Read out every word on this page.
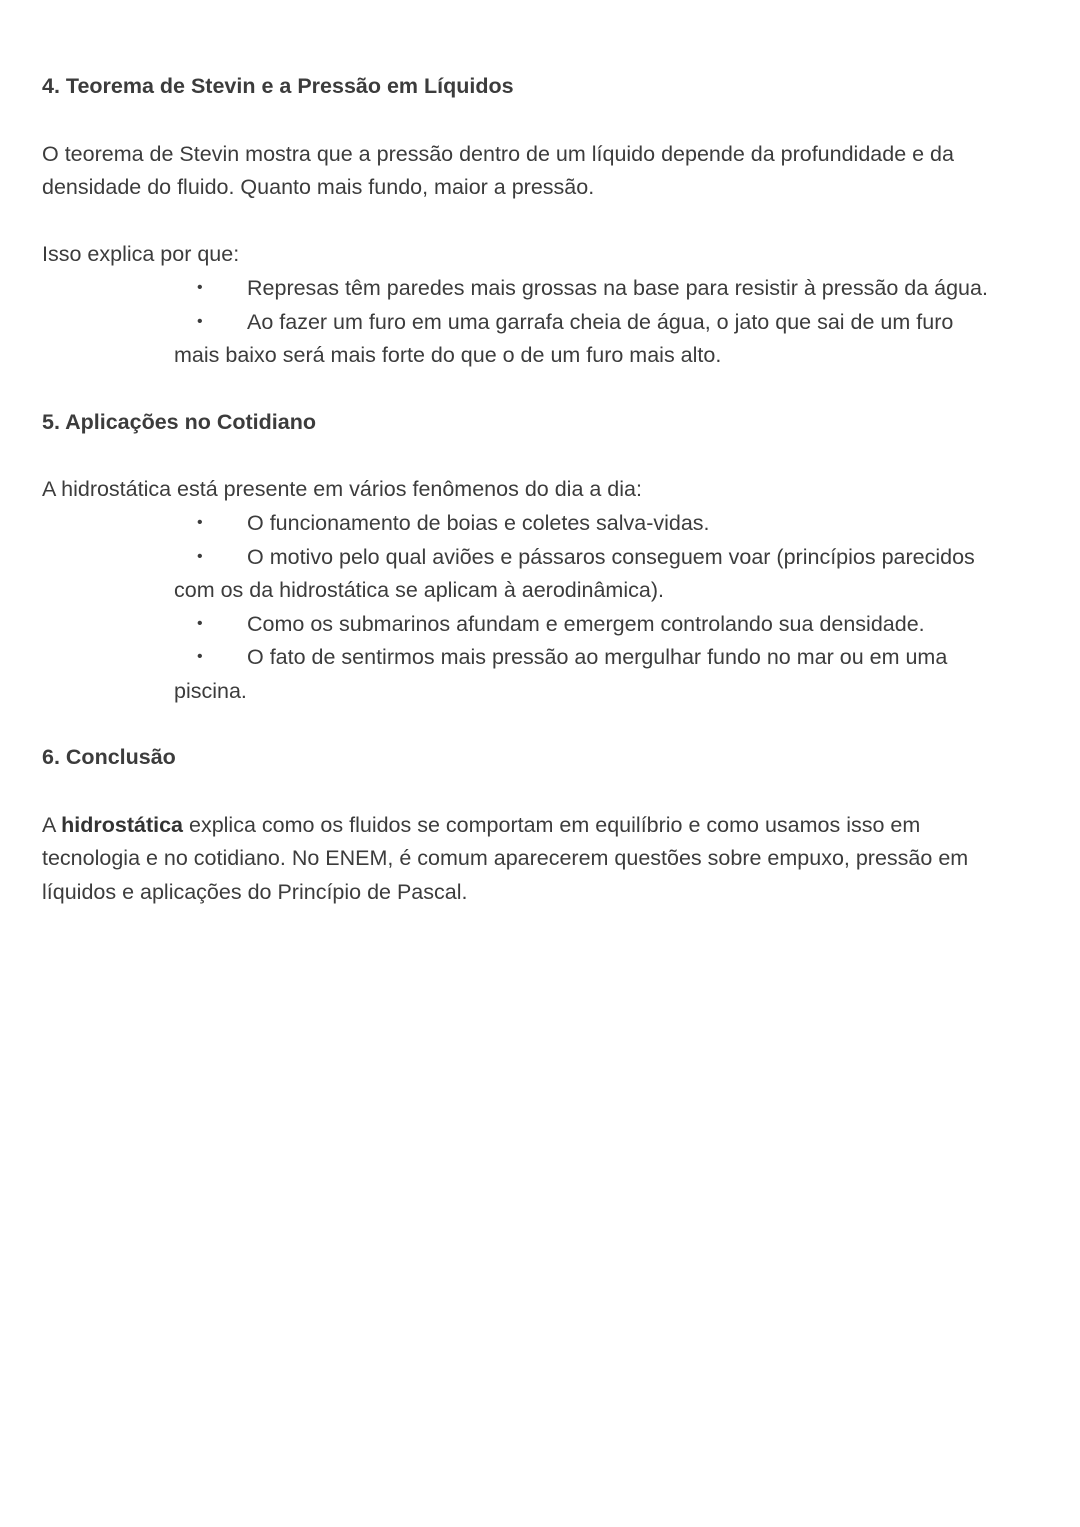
4. Teorema de Stevin e a Pressão em Líquidos
O teorema de Stevin mostra que a pressão dentro de um líquido depende da profundidade e da
densidade do fluido. Quanto mais fundo, maior a pressão.
Isso explica por que:
• Represas têm paredes mais grossas na base para resistir à pressão da água.
• Ao fazer um furo em uma garrafa cheia de água, o jato que sai de um furo
mais baixo será mais forte do que o de um furo mais alto.
5. Aplicações no Cotidiano
A hidrostática está presente em vários fenômenos do dia a dia:
• O funcionamento de boias e coletes salva-vidas.
• O motivo pelo qual aviões e pássaros conseguem voar (princípios parecidos
com os da hidrostática se aplicam à aerodinâmica).
• Como os submarinos afundam e emergem controlando sua densidade.
• O fato de sentirmos mais pressão ao mergulhar fundo no mar ou em uma
piscina.
6. Conclusão
A hidrostática explica como os fluidos se comportam em equilíbrio e como usamos isso em
tecnologia e no cotidiano. No ENEM, é comum aparecerem questões sobre empuxo, pressão em
líquidos e aplicações do Princípio de Pascal.
